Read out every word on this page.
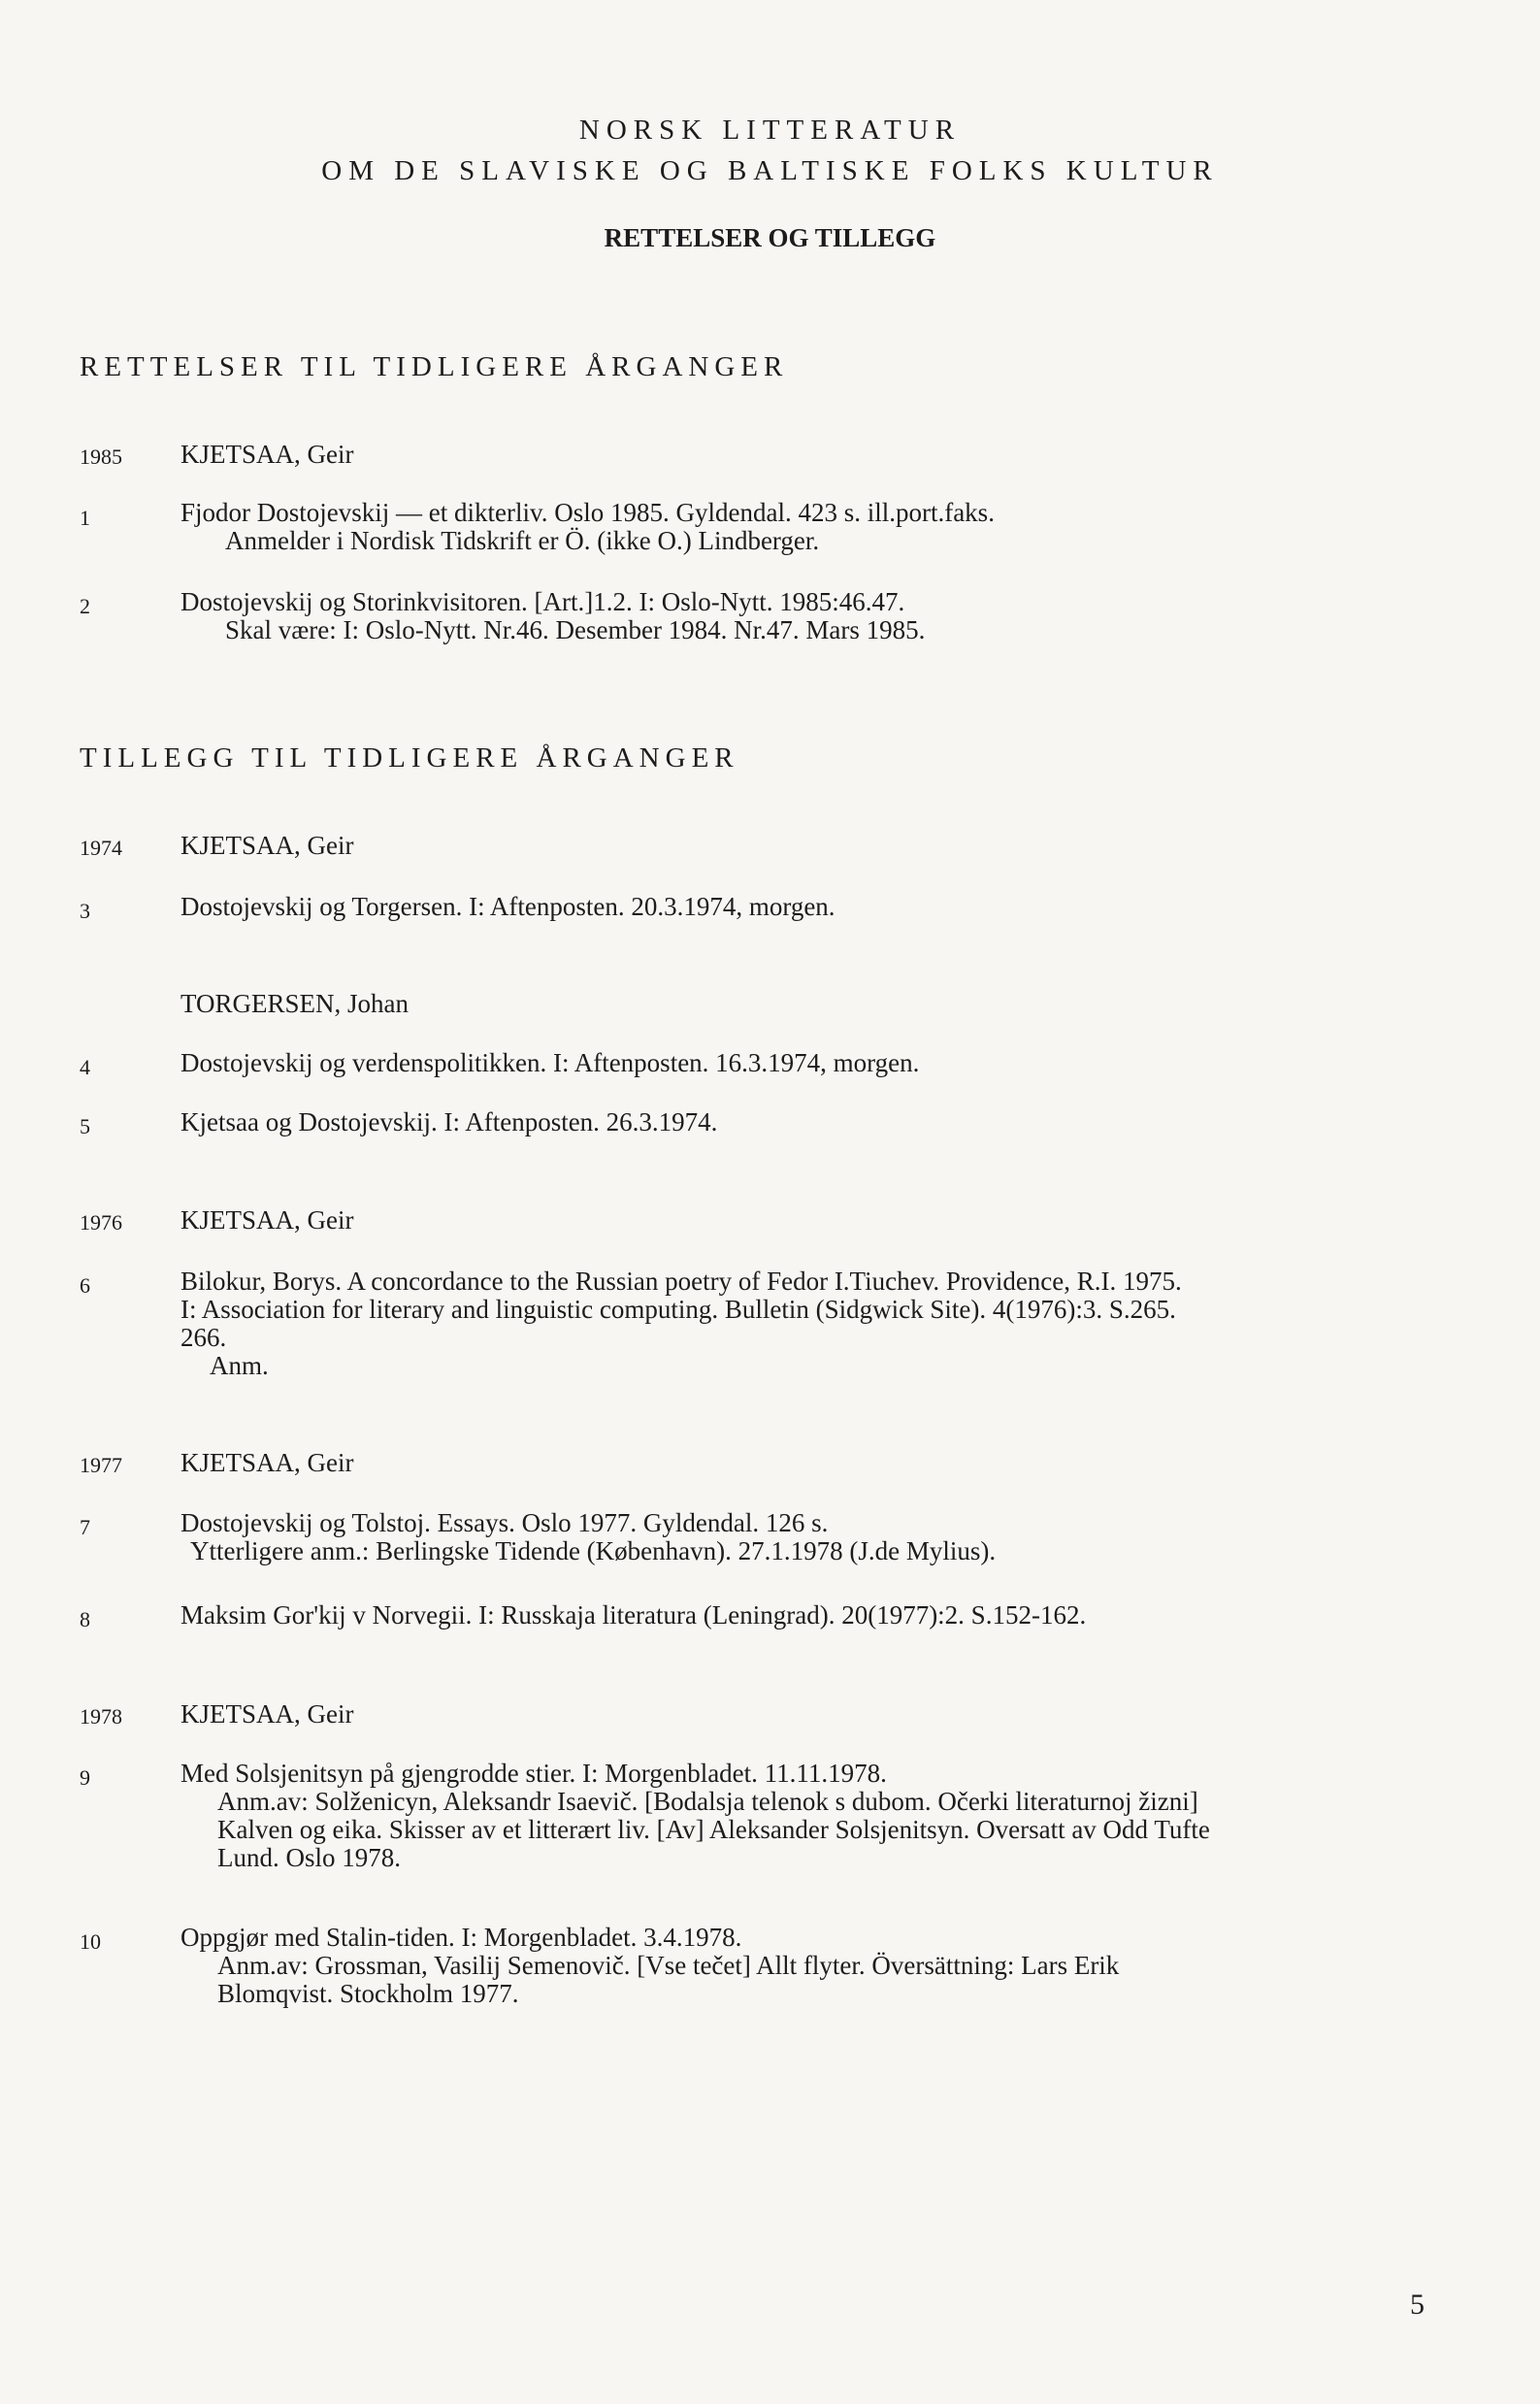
NORSK LITTERATUR
OM DE SLAVISKE OG BALTISKE FOLKS KULTUR
RETTELSER OG TILLEGG
RETTELSER TIL TIDLIGERE ÅRGANGER
1985 KJETSAA, Geir
1	Fjodor Dostojevskij — et dikterliv. Oslo 1985. Gyldendal. 423 s. ill.port.faks.
Anmelder i Nordisk Tidskrift er Ö. (ikke O.) Lindberger.
2	Dostojevskij og Storinkvisitoren. [Art.]1.2. I: Oslo-Nytt. 1985:46.47.
Skal være: I: Oslo-Nytt. Nr.46. Desember 1984. Nr.47. Mars 1985.
TILLEGG TIL TIDLIGERE ÅRGANGER
1974 KJETSAA, Geir
3	Dostojevskij og Torgersen. I: Aftenposten. 20.3.1974, morgen.
TORGERSEN, Johan
4	Dostojevskij og verdenspolitikken. I: Aftenposten. 16.3.1974, morgen.
5	Kjetsaa og Dostojevskij. I: Aftenposten. 26.3.1974.
1976 KJETSAA, Geir
6	Bilokur, Borys. A concordance to the Russian poetry of Fedor I.Tiuchev. Providence, R.I. 1975.
I: Association for literary and linguistic computing. Bulletin (Sidgwick Site). 4(1976):3. S.265.
266.
Anm.
1977 KJETSAA, Geir
7	Dostojevskij og Tolstoj. Essays. Oslo 1977. Gyldendal. 126 s.
Ytterligere anm.: Berlingske Tidende (København). 27.1.1978 (J.de Mylius).
8	Maksim Gor'kij v Norvegii. I: Russkaja literatura (Leningrad). 20(1977):2. S.152-162.
1978 KJETSAA, Geir
9	Med Solsjenitsyn på gjengrodde stier. I: Morgenbladet. 11.11.1978.
Anm.av: Solženicyn, Aleksandr Isaevič. [Bodalsja telenok s dubom. Očerki literaturnoj žizni]
Kalven og eika. Skisser av et litterært liv. [Av] Aleksander Solsjenitsyn. Oversatt av Odd Tufte
Lund. Oslo 1978.
10	Oppgjør med Stalin-tiden. I: Morgenbladet. 3.4.1978.
Anm.av: Grossman, Vasilij Semenovič. [Vse tečet] Allt flyter. Översättning: Lars Erik
Blomqvist. Stockholm 1977.
5
